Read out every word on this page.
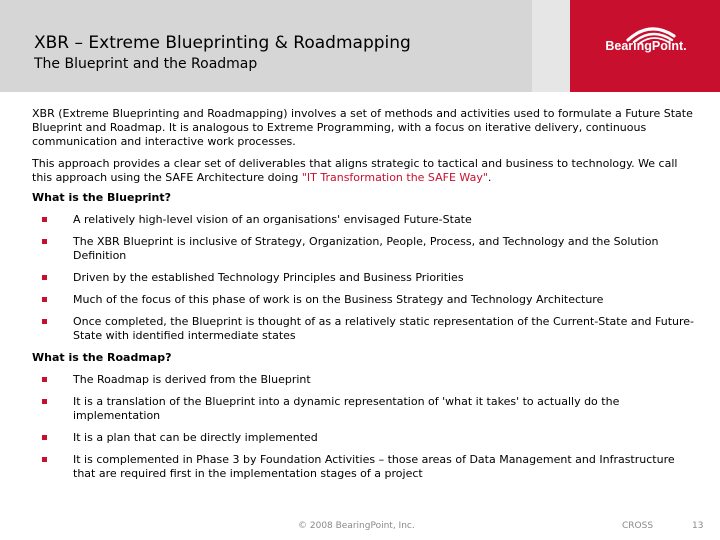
XBR – Extreme Blueprinting & Roadmapping
The Blueprint and the Roadmap
BearingPoint.

XBR (Extreme Blueprinting and Roadmapping) involves a set of methods and activities used to formulate a Future State Blueprint and Roadmap. It is analogous to Extreme Programming, with a focus on iterative delivery, continuous communication and interactive work processes.

This approach provides a clear set of deliverables that aligns strategic to tactical and business to technology. We call this approach using the SAFE Architecture doing "IT Transformation the SAFE Way".

What is the Blueprint?
A relatively high-level vision of an organisations' envisaged Future-State
The XBR Blueprint is inclusive of Strategy, Organization, People, Process, and Technology and the Solution Definition
Driven by the established Technology Principles and Business Priorities
Much of the focus of this phase of work is on the Business Strategy and Technology Architecture
Once completed, the Blueprint is thought of as a relatively static representation of the Current-State and Future-State with identified intermediate states
What is the Roadmap?
The Roadmap is derived from the Blueprint
It is a translation of the Blueprint into a dynamic representation of 'what it takes' to actually do the implementation
It is a plan that can be directly implemented
It is complemented in Phase 3 by Foundation Activities – those areas of Data Management and Infrastructure that are required first in the implementation stages of a project
© 2008 BearingPoint, Inc.	CROSS	13
